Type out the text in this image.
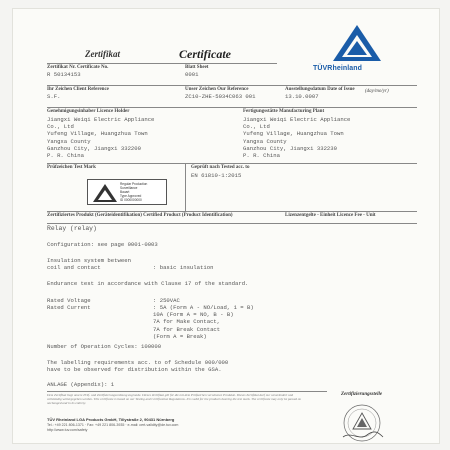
Zertifikat	Certificate
TÜVRheinland
Zertifikat Nr. Certificate No.
R 50134153
Blatt Sheet
0001
Ihr Zeichen Client Reference
S.F.
Unser Zeichen Our Reference
ZC10-ZHE-5034C063 001
Ausstellungsdatum Date of Issue
13.10.0007
(day/mo/yr)
Genehmigungsinhaber Licence Holder
Jiangxi Weiqi Electric Appliance
Co., Ltd
Yufeng Village, Huangzhua Town
Yangxa County
Ganzhou City, Jiangxi 332200
P. R. China
Fertigungsstätte Manufacturing Plant
Jiangxi Weiqi Electric Appliance
Co., Ltd
Yufeng Village, Huangzhua Town
Yangxa County
Ganzhou City, Jiangxi 332230
P. R. China
Prüfzeichen Test Mark
Regular Production
Surveillance
Bauart
Type Approved
ID 0000000000
Geprüft nach Tested acc. to
EN 61810-1:2015
Zertifiziertes Produkt (Geräteidentifikation) Certified Product (Product Identification)	Lizenzentgelte - Einheit Licence Fee - Unit
Relay (relay)
Configuration: see page 0001-0003
Insulation system between
coil and contact	: basic insulation
Endurance test in accordance with Clause 17 of the standard.
Rated Voltage	: 250VAC
Rated Current	: 5A (Form A - NO/Load, 1 = B)
10A (Form A = NO, B - B)
7A for Make Contact,
7A for Break Contact
(Form A = Break)
Number of Operation Cycles: 100000
The labelling requirements acc. to of Schedule 000/000
have to be observed for distribution within the GSA.
ANLAGE (Appendix): 1
Dem Zertifikat liegt unsere Prüf- und Zertifizierungsordnung zugrunde. Dieses Zertifikat gilt für die mit dem Prüfzeichen versehenen Produkte. Dieses Zertifikat darf nur unverändert und vollständig weitergegeben werden. This certificate is based on our Testing and Certification Regulations. It is valid for the products bearing the test mark. The certificate may only be passed on unchanged and in its entirety.
Zertifizierungsstelle
TÜV Rheinland LGA Products GmbH, Tillystraße 2, 90431 Nürnberg
Tel.: +49 221 806-1371 · Fax: +49 221 806-3935 · e-mail: cert-validity@de.tuv.com
http://www.tuv.com/safety
